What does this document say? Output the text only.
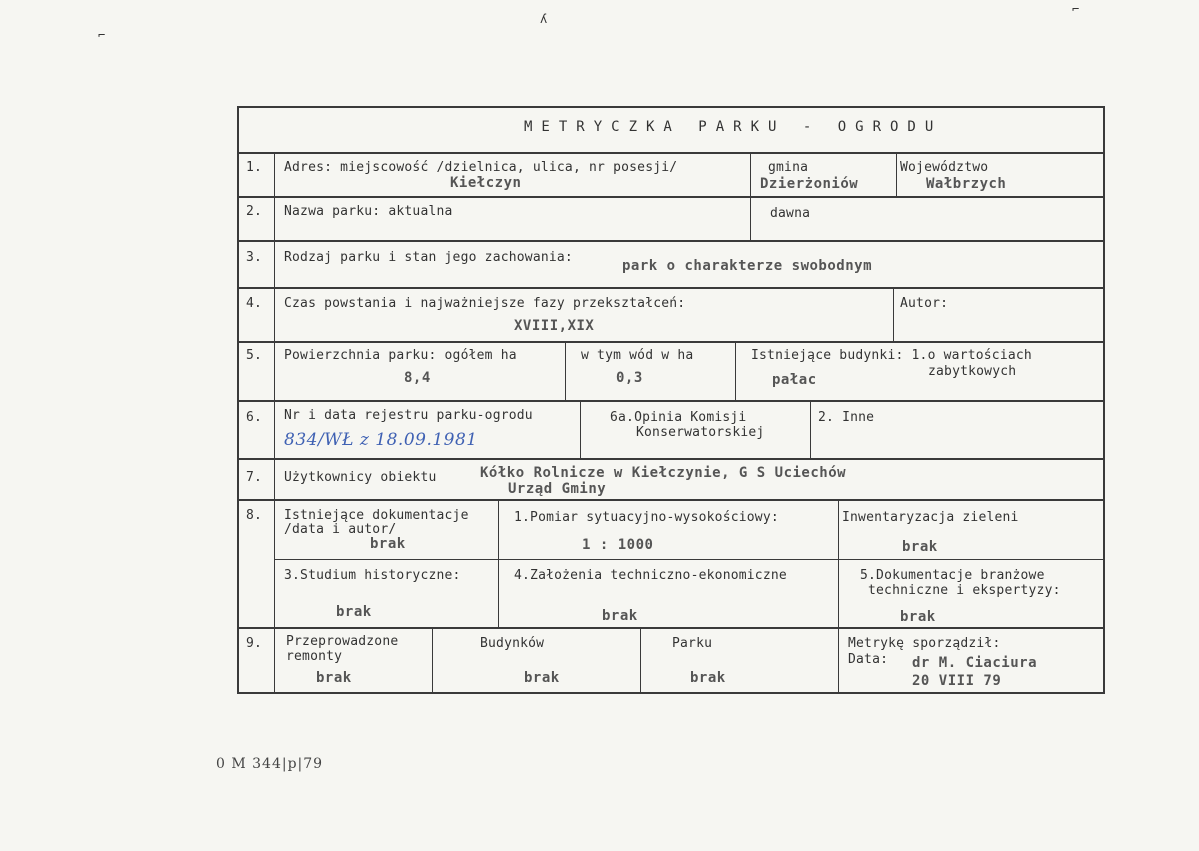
⌐
ʎ
⌐
METRYCZKA PARKU - OGRODU
1. Adres: miejscowość /dzielnica, ulica, nr posesji/
Kiełczyn
gmina
Dzierżoniów
Województwo
Wałbrzych
2. Nazwa parku: aktualna	dawna
3. Rodzaj parku i stan jego zachowania:
park o charakterze swobodnym
4. Czas powstania i najważniejsze fazy przekształceń:
XVIII,XIX
Autor:
5. Powierzchnia parku: ogółem ha
8,4
w tym wód w ha
0,3
Istniejące budynki: 1.o wartościach
zabytkowych
pałac
6. Nr i data rejestru parku-ogrodu
834/WŁ z 18.09.1981
6a.Opinia Komisji
Konserwatorskiej
2. Inne
7. Użytkownicy obiektu	Kółko Rolnicze w Kiełczynie, G S Uciechów
Urząd Gminy
8. Istniejące dokumentacje
/data i autor/
brak
1.Pomiar sytuacyjno-wysokościowy:
1 : 1000
Inwentaryzacja zieleni
brak
3.Studium historyczne:
brak
4.Założenia techniczno-ekonomiczne
brak
5.Dokumentacje branżowe
techniczne i ekspertyzy:
brak
9. Przeprowadzone
remonty
brak
Budynków
brak
Parku
brak
Metrykę sporządził:
Data: dr M. Ciaciura
20 VIII 79
0 M 344|p|79
